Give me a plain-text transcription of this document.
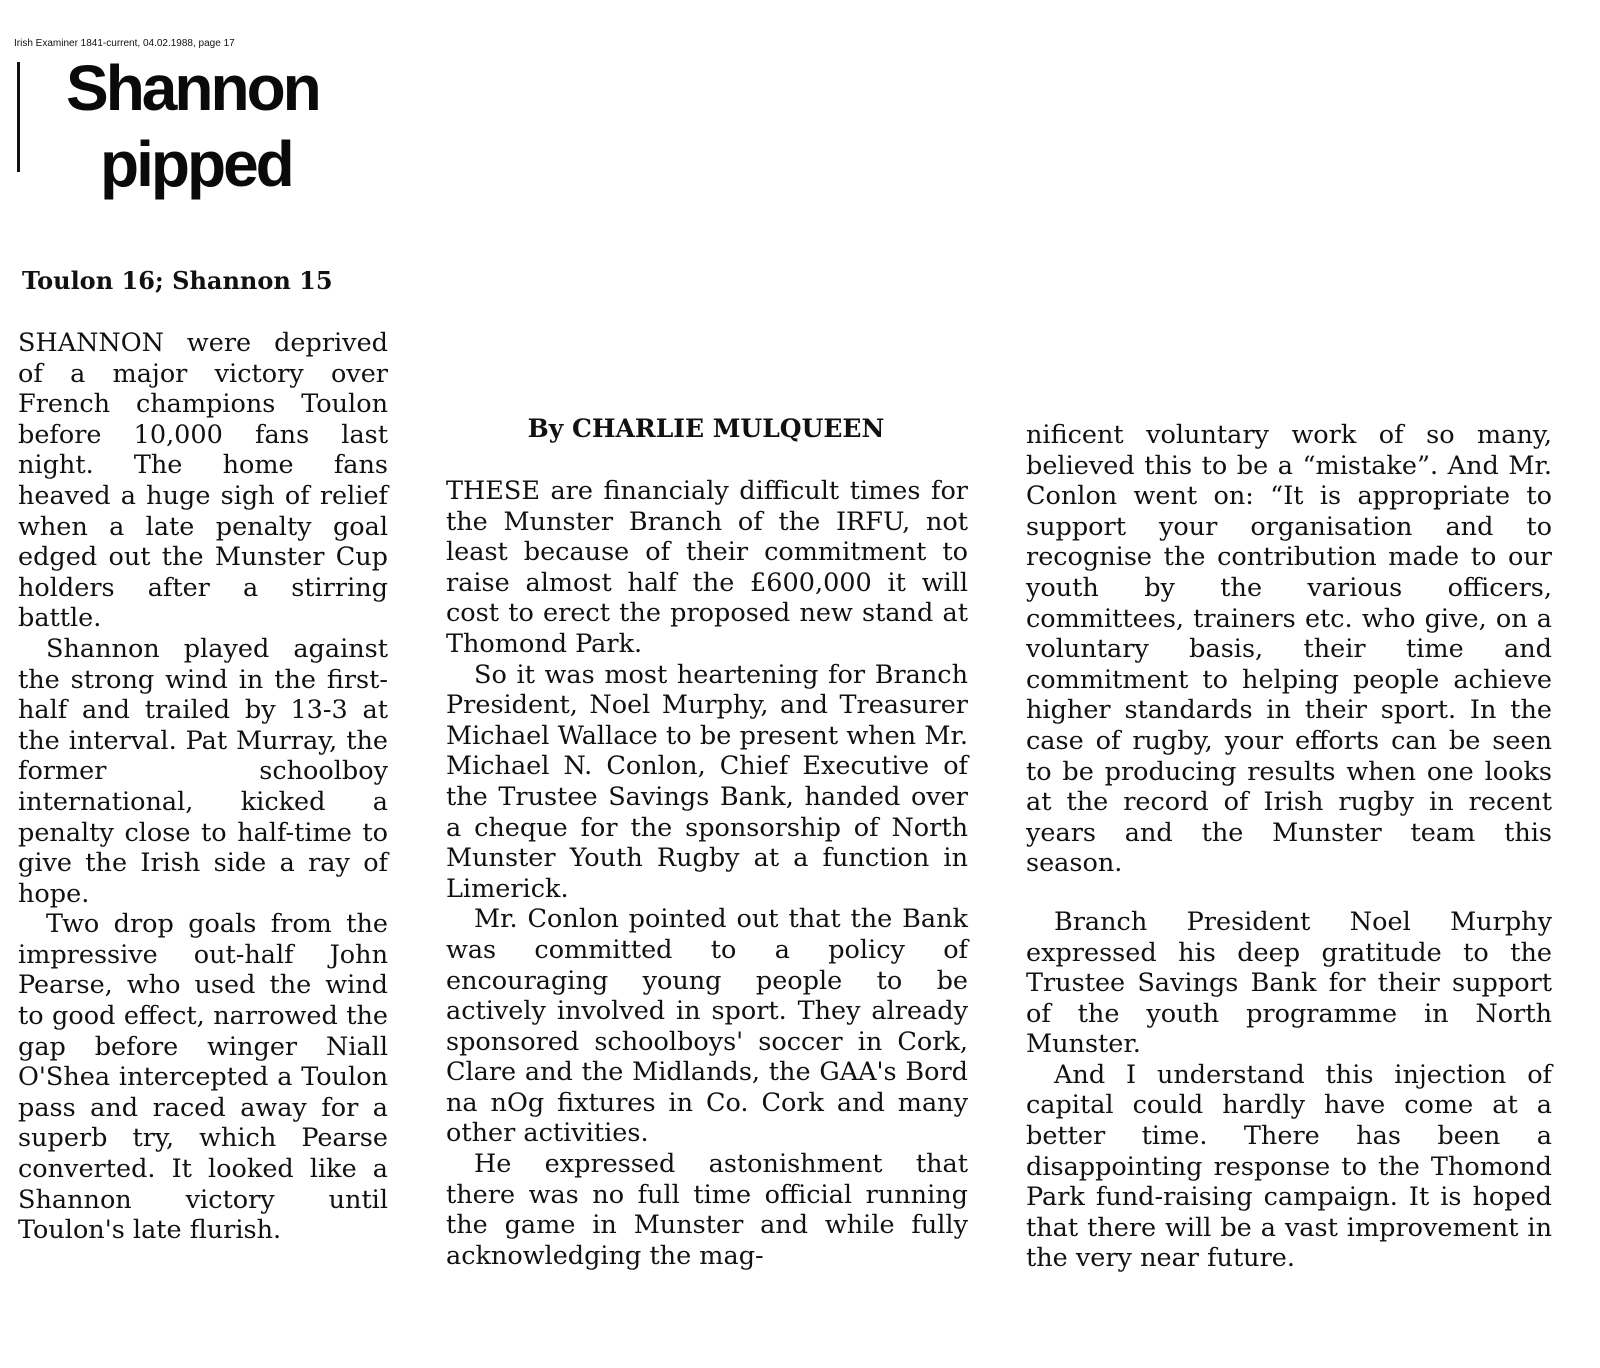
Irish Examiner 1841-current, 04.02.1988, page 17
Shannon
pipped
Toulon 16; Shannon 15

SHANNON were deprived of a major victory over French champions Toulon before 10,000 fans last night. The home fans heaved a huge sigh of relief when a late penalty goal edged out the Munster Cup holders after a stirring battle.

Shannon played against the strong wind in the first-half and trailed by 13-3 at the interval. Pat Murray, the former schoolboy international, kicked a penalty close to half-time to give the Irish side a ray of hope.

Two drop goals from the impressive out-half John Pearse, who used the wind to good effect, narrowed the gap before winger Niall O'Shea intercepted a Toulon pass and raced away for a superb try, which Pearse converted. It looked like a Shannon victory until Toulon's late flurish.

By CHARLIE MULQUEEN

THESE are financialy difficult times for the Munster Branch of the IRFU, not least because of their commitment to raise almost half the £600,000 it will cost to erect the proposed new stand at Thomond Park.

So it was most heartening for Branch President, Noel Murphy, and Treasurer Michael Wallace to be present when Mr. Michael N. Conlon, Chief Executive of the Trustee Savings Bank, handed over a cheque for the sponsorship of North Munster Youth Rugby at a function in Limerick.

Mr. Conlon pointed out that the Bank was committed to a policy of encouraging young people to be actively involved in sport. They already sponsored schoolboys' soccer in Cork, Clare and the Midlands, the GAA's Bord na nOg fixtures in Co. Cork and many other activities.

He expressed astonishment that there was no full time official running the game in Munster and while fully acknowledging the mag-

nificent voluntary work of so many, believed this to be a “mistake”. And Mr. Conlon went on: “It is appropriate to support your organisation and to recognise the contribution made to our youth by the various officers, committees, trainers etc. who give, on a voluntary basis, their time and commitment to helping people achieve higher standards in their sport. In the case of rugby, your efforts can be seen to be producing results when one looks at the record of Irish rugby in recent years and the Munster team this season.

Branch President Noel Murphy expressed his deep gratitude to the Trustee Savings Bank for their support of the youth programme in North Munster.

And I understand this injection of capital could hardly have come at a better time. There has been a disappointing response to the Thomond Park fund-raising campaign. It is hoped that there will be a vast improvement in the very near future.
